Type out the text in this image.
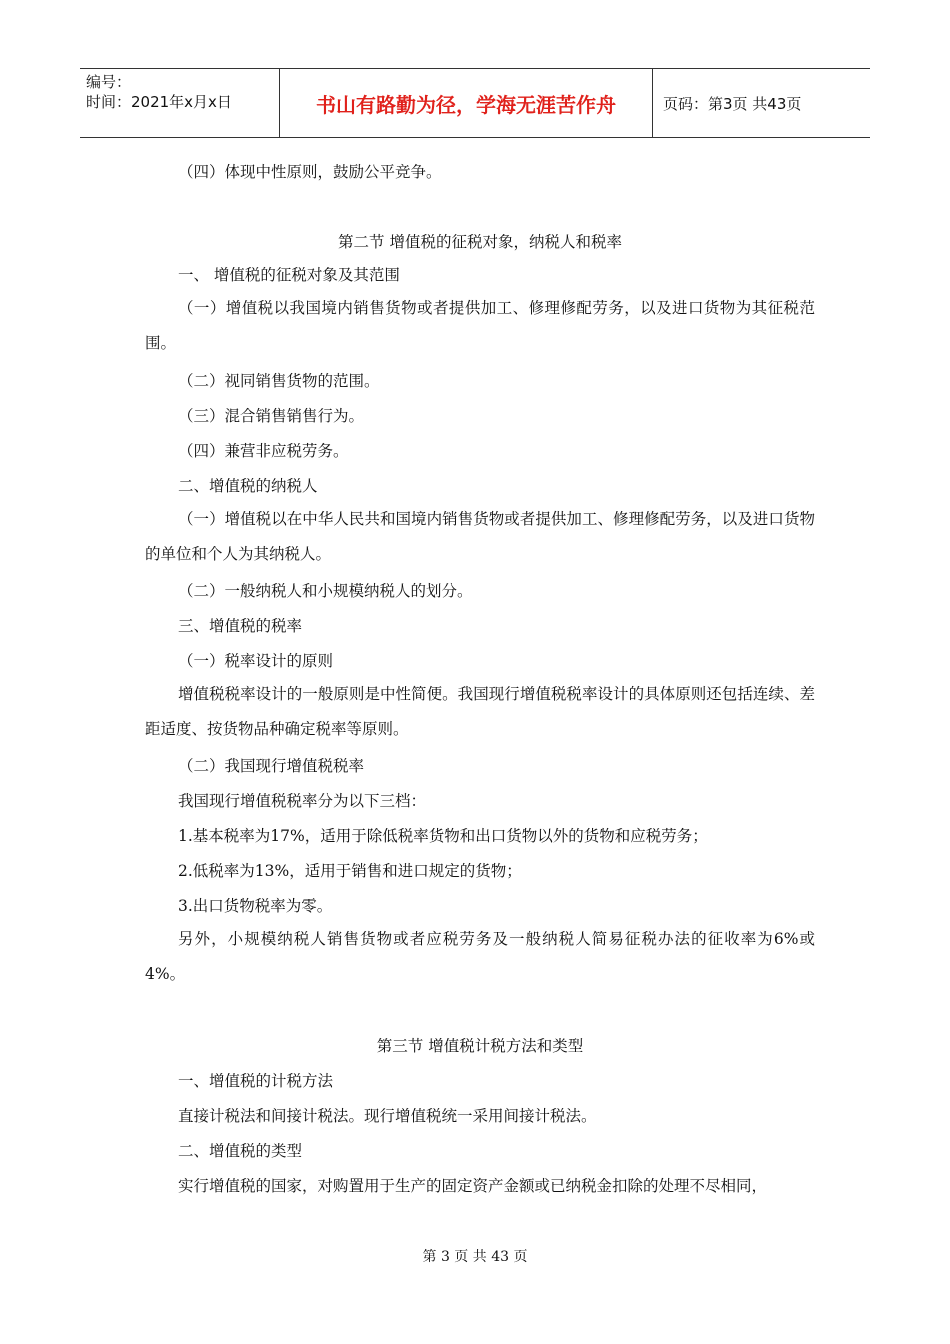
编号：
时间：2021年x月x日	书山有路勤为径，学海无涯苦作舟	页码：第3页 共43页
（四）体现中性原则，鼓励公平竞争。
第二节 增值税的征税对象，纳税人和税率
一、 增值税的征税对象及其范围
（一）增值税以我国境内销售货物或者提供加工、修理修配劳务，以及进口货物为其征税范围。
（二）视同销售货物的范围。
（三）混合销售销售行为。
（四）兼营非应税劳务。
二、增值税的纳税人
（一）增值税以在中华人民共和国境内销售货物或者提供加工、修理修配劳务，以及进口货物的单位和个人为其纳税人。
（二）一般纳税人和小规模纳税人的划分。
三、增值税的税率
（一）税率设计的原则
增值税税率设计的一般原则是中性简便。我国现行增值税税率设计的具体原则还包括连续、差距适度、按货物品种确定税率等原则。
（二）我国现行增值税税率
我国现行增值税税率分为以下三档：
1.基本税率为17%，适用于除低税率货物和出口货物以外的货物和应税劳务；
2.低税率为13%，适用于销售和进口规定的货物；
3.出口货物税率为零。
另外，小规模纳税人销售货物或者应税劳务及一般纳税人简易征税办法的征收率为6%或4%。
第三节 增值税计税方法和类型
一、增值税的计税方法
直接计税法和间接计税法。现行增值税统一采用间接计税法。
二、增值税的类型
实行增值税的国家，对购置用于生产的固定资产金额或已纳税金扣除的处理不尽相同，
第 3 页 共 43 页
